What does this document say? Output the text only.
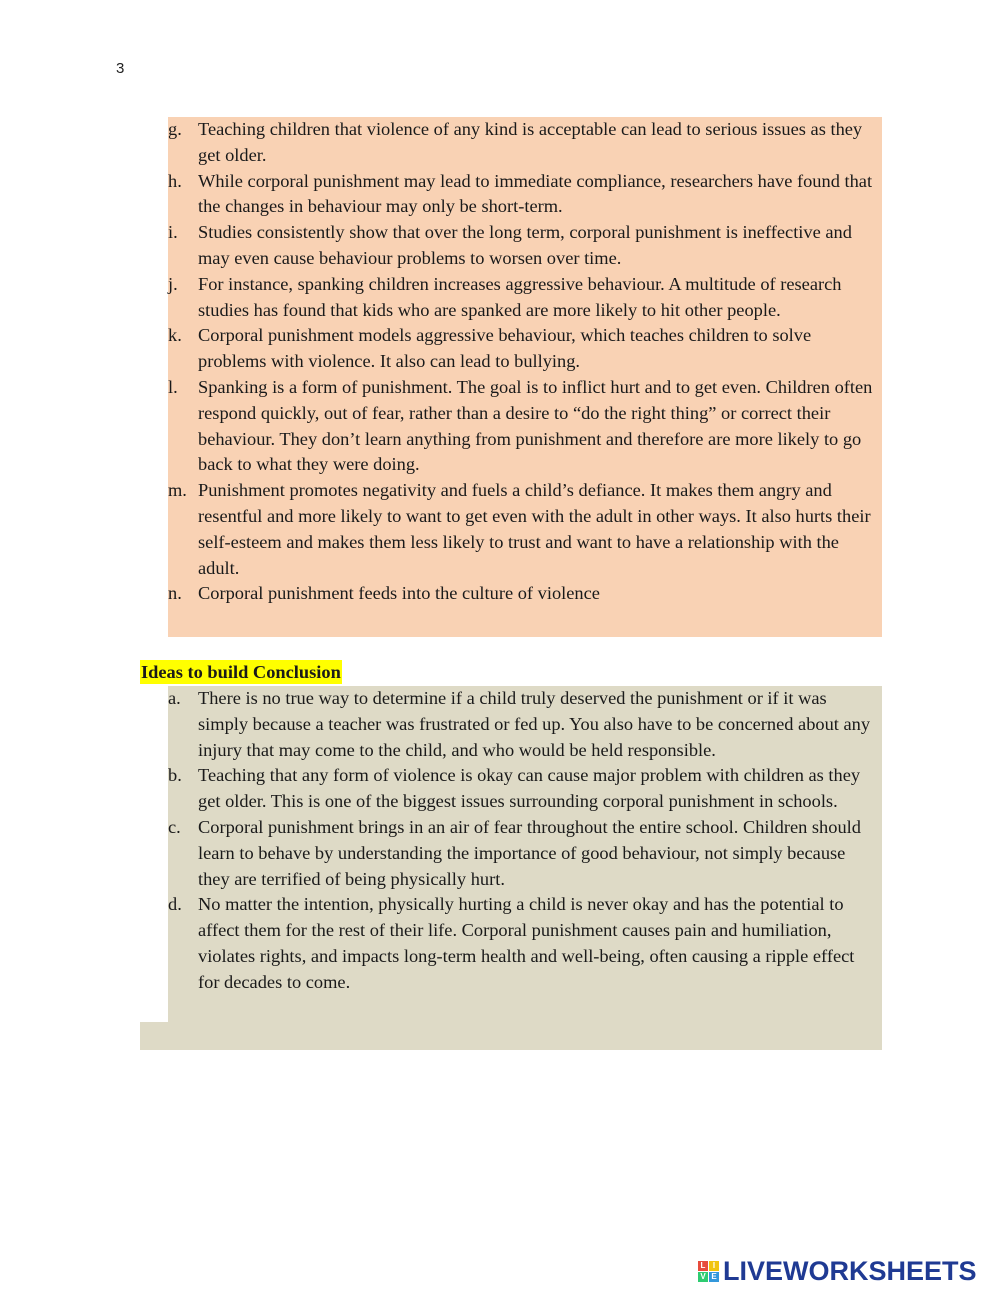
3
g. Teaching children that violence of any kind is acceptable can lead to serious issues as they get older.
h. While corporal punishment may lead to immediate compliance, researchers have found that the changes in behaviour may only be short-term.
i.	Studies consistently show that over the long term, corporal punishment is ineffective and may even cause behaviour problems to worsen over time.
j.	For instance, spanking children increases aggressive behaviour. A multitude of research studies has found that kids who are spanked are more likely to hit other people.
k. Corporal punishment models aggressive behaviour, which teaches children to solve problems with violence. It also can lead to bullying.
l.	Spanking is a form of punishment. The goal is to inflict hurt and to get even. Children often respond quickly, out of fear, rather than a desire to “do the right thing” or correct their behaviour. They don’t learn anything from punishment and therefore are more likely to go back to what they were doing.
m. Punishment promotes negativity and fuels a child’s defiance. It makes them angry and resentful and more likely to want to get even with the adult in other ways. It also hurts their self-esteem and makes them less likely to trust and want to have a relationship with the adult.
n. Corporal punishment feeds into the culture of violence
Ideas to build Conclusion
a. There is no true way to determine if a child truly deserved the punishment or if it was simply because a teacher was frustrated or fed up. You also have to be concerned about any injury that may come to the child, and who would be held responsible.
b. Teaching that any form of violence is okay can cause major problem with children as they get older. This is one of the biggest issues surrounding corporal punishment in schools.
c. Corporal punishment brings in an air of fear throughout the entire school. Children should learn to behave by understanding the importance of good behaviour, not simply because they are terrified of being physically hurt.
d. No matter the intention, physically hurting a child is never okay and has the potential to affect them for the rest of their life. Corporal punishment causes pain and humiliation, violates rights, and impacts long-term health and well-being, often causing a ripple effect for decades to come.
L I
V E LIVEWORKSHEETS
